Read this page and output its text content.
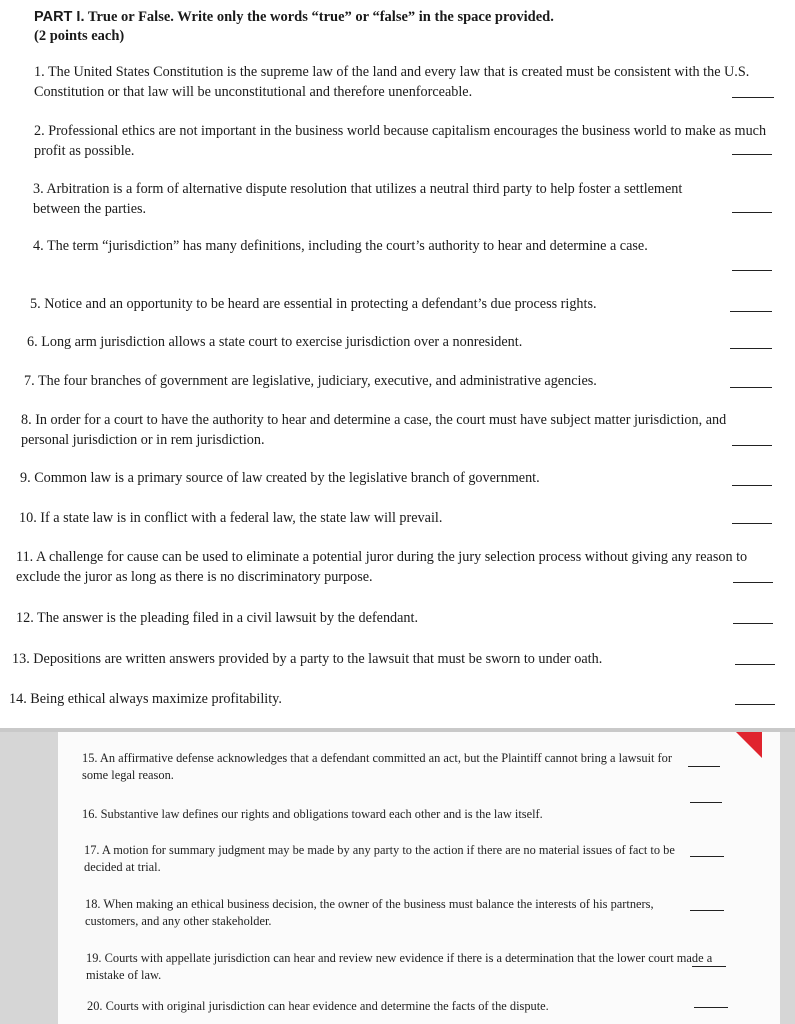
PART I. True or False. Write only the words “true” or “false” in the space provided.
(2 points each)
1. The United States Constitution is the supreme law of the land and every law that is created must be consistent with the U.S. Constitution or that law will be unconstitutional and therefore unenforceable.
2. Professional ethics are not important in the business world because capitalism encourages the business world to make as much profit as possible.
3. Arbitration is a form of alternative dispute resolution that utilizes a neutral third party to help foster a settlement between the parties.
4. The term “jurisdiction” has many definitions, including the court’s authority to hear and determine a case.
5. Notice and an opportunity to be heard are essential in protecting a defendant’s due process rights.
6. Long arm jurisdiction allows a state court to exercise jurisdiction over a nonresident.
7. The four branches of government are legislative, judiciary, executive, and administrative agencies.
8. In order for a court to have the authority to hear and determine a case, the court must have subject matter jurisdiction, and personal jurisdiction or in rem jurisdiction.
9. Common law is a primary source of law created by the legislative branch of government.
10. If a state law is in conflict with a federal law, the state law will prevail.
11. A challenge for cause can be used to eliminate a potential juror during the jury selection process without giving any reason to exclude the juror as long as there is no discriminatory purpose.
12. The answer is the pleading filed in a civil lawsuit by the defendant.
13. Depositions are written answers provided by a party to the lawsuit that must be sworn to under oath.
14. Being ethical always maximize profitability.
15. An affirmative defense acknowledges that a defendant committed an act, but the Plaintiff cannot bring a lawsuit for some legal reason.
16. Substantive law defines our rights and obligations toward each other and is the law itself.
17. A motion for summary judgment may be made by any party to the action if there are no material issues of fact to be decided at trial.
18. When making an ethical business decision, the owner of the business must balance the interests of his partners, customers, and any other stakeholder.
19. Courts with appellate jurisdiction can hear and review new evidence if there is a determination that the lower court made a mistake of law.
20. Courts with original jurisdiction can hear evidence and determine the facts of the dispute.
